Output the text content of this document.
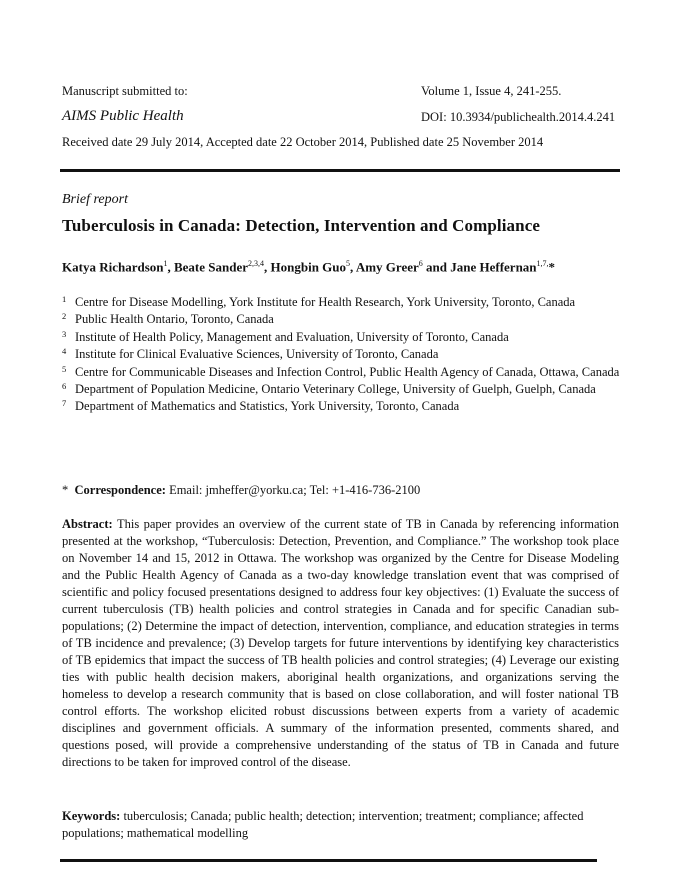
Manuscript submitted to:
AIMS Public Health
Received date 29 July 2014, Accepted date 22 October 2014, Published date 25 November 2014
Volume 1, Issue 4, 241-255.
DOI: 10.3934/publichealth.2014.4.241
Brief report
Tuberculosis in Canada: Detection, Intervention and Compliance
Katya Richardson$^1$, Beate Sander$^{2,3,4}$, Hongbin Guo$^5$, Amy Greer$^6$ and Jane Heffernan$^{1,7,}$*
1 Centre for Disease Modelling, York Institute for Health Research, York University, Toronto, Canada
2 Public Health Ontario, Toronto, Canada
3 Institute of Health Policy, Management and Evaluation, University of Toronto, Canada
4 Institute for Clinical Evaluative Sciences, University of Toronto, Canada
5 Centre for Communicable Diseases and Infection Control, Public Health Agency of Canada, Ottawa, Canada
6 Department of Population Medicine, Ontario Veterinary College, University of Guelph, Guelph, Canada
7 Department of Mathematics and Statistics, York University, Toronto, Canada
* Correspondence: Email: jmheffer@yorku.ca; Tel: +1-416-736-2100
Abstract: This paper provides an overview of the current state of TB in Canada by referencing information presented at the workshop, “Tuberculosis: Detection, Prevention, and Compliance.” The workshop took place on November 14 and 15, 2012 in Ottawa. The workshop was organized by the Centre for Disease Modeling and the Public Health Agency of Canada as a two-day knowledge translation event that was comprised of scientific and policy focused presentations designed to address four key objectives: (1) Evaluate the success of current tuberculosis (TB) health policies and control strategies in Canada and for specific Canadian sub-populations; (2) Determine the impact of detection, intervention, compliance, and education strategies in terms of TB incidence and prevalence; (3) Develop targets for future interventions by identifying key characteristics of TB epidemics that impact the success of TB health policies and control strategies; (4) Leverage our existing ties with public health decision makers, aboriginal health organizations, and organizations serving the homeless to develop a research community that is based on close collaboration, and will foster national TB control efforts. The workshop elicited robust discussions between experts from a variety of academic disciplines and government officials. A summary of the information presented, comments shared, and questions posed, will provide a comprehensive understanding of the status of TB in Canada and future directions to be taken for improved control of the disease.
Keywords: tuberculosis; Canada; public health; detection; intervention; treatment; compliance; affected populations; mathematical modelling
